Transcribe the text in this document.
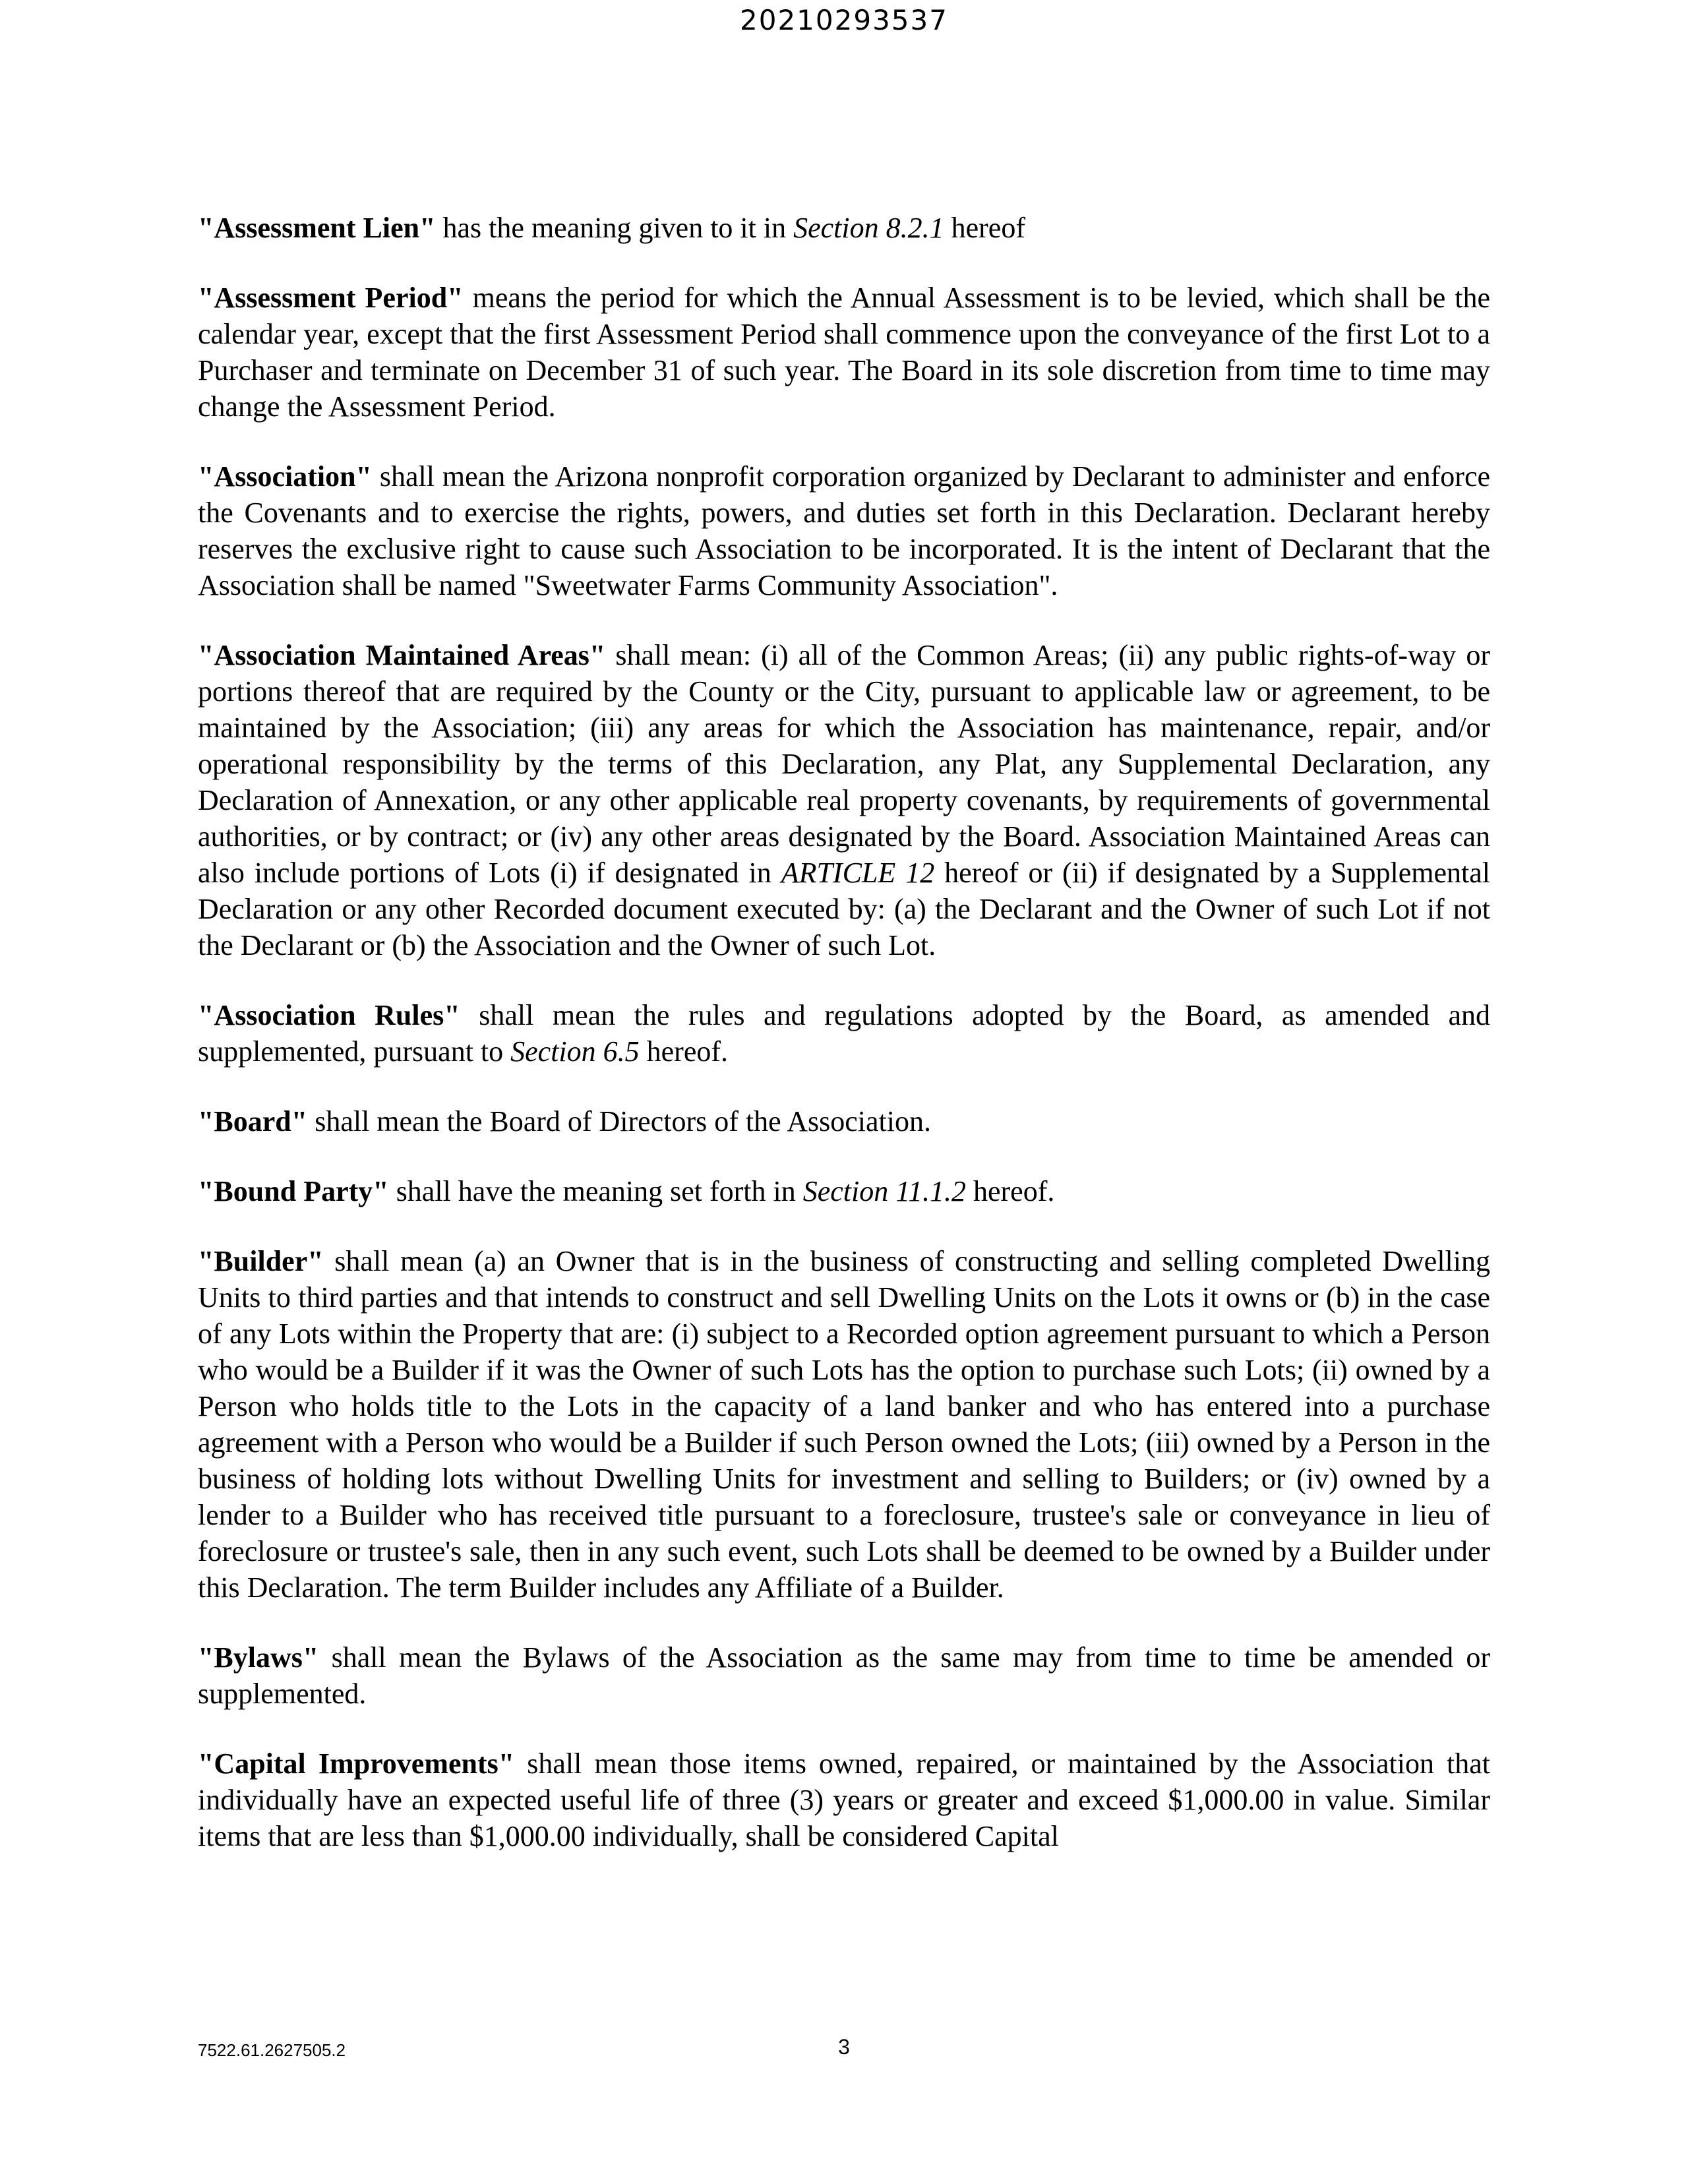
20210293537

"Assessment Lien" has the meaning given to it in Section 8.2.1 hereof

"Assessment Period" means the period for which the Annual Assessment is to be levied, which shall be the calendar year, except that the first Assessment Period shall commence upon the conveyance of the first Lot to a Purchaser and terminate on December 31 of such year. The Board in its sole discretion from time to time may change the Assessment Period.

"Association" shall mean the Arizona nonprofit corporation organized by Declarant to administer and enforce the Covenants and to exercise the rights, powers, and duties set forth in this Declaration. Declarant hereby reserves the exclusive right to cause such Association to be incorporated. It is the intent of Declarant that the Association shall be named "Sweetwater Farms Community Association".

"Association Maintained Areas" shall mean: (i) all of the Common Areas; (ii) any public rights-of-way or portions thereof that are required by the County or the City, pursuant to applicable law or agreement, to be maintained by the Association; (iii) any areas for which the Association has maintenance, repair, and/or operational responsibility by the terms of this Declaration, any Plat, any Supplemental Declaration, any Declaration of Annexation, or any other applicable real property covenants, by requirements of governmental authorities, or by contract; or (iv) any other areas designated by the Board. Association Maintained Areas can also include portions of Lots (i) if designated in ARTICLE 12 hereof or (ii) if designated by a Supplemental Declaration or any other Recorded document executed by: (a) the Declarant and the Owner of such Lot if not the Declarant or (b) the Association and the Owner of such Lot.

"Association Rules" shall mean the rules and regulations adopted by the Board, as amended and supplemented, pursuant to Section 6.5 hereof.

"Board" shall mean the Board of Directors of the Association.

"Bound Party" shall have the meaning set forth in Section 11.1.2 hereof.

"Builder" shall mean (a) an Owner that is in the business of constructing and selling completed Dwelling Units to third parties and that intends to construct and sell Dwelling Units on the Lots it owns or (b) in the case of any Lots within the Property that are: (i) subject to a Recorded option agreement pursuant to which a Person who would be a Builder if it was the Owner of such Lots has the option to purchase such Lots; (ii) owned by a Person who holds title to the Lots in the capacity of a land banker and who has entered into a purchase agreement with a Person who would be a Builder if such Person owned the Lots; (iii) owned by a Person in the business of holding lots without Dwelling Units for investment and selling to Builders; or (iv) owned by a lender to a Builder who has received title pursuant to a foreclosure, trustee's sale or conveyance in lieu of foreclosure or trustee's sale, then in any such event, such Lots shall be deemed to be owned by a Builder under this Declaration. The term Builder includes any Affiliate of a Builder.

"Bylaws" shall mean the Bylaws of the Association as the same may from time to time be amended or supplemented.

"Capital Improvements" shall mean those items owned, repaired, or maintained by the Association that individually have an expected useful life of three (3) years or greater and exceed $1,000.00 in value. Similar items that are less than $1,000.00 individually, shall be considered Capital

7522.61.2627505.2	3
